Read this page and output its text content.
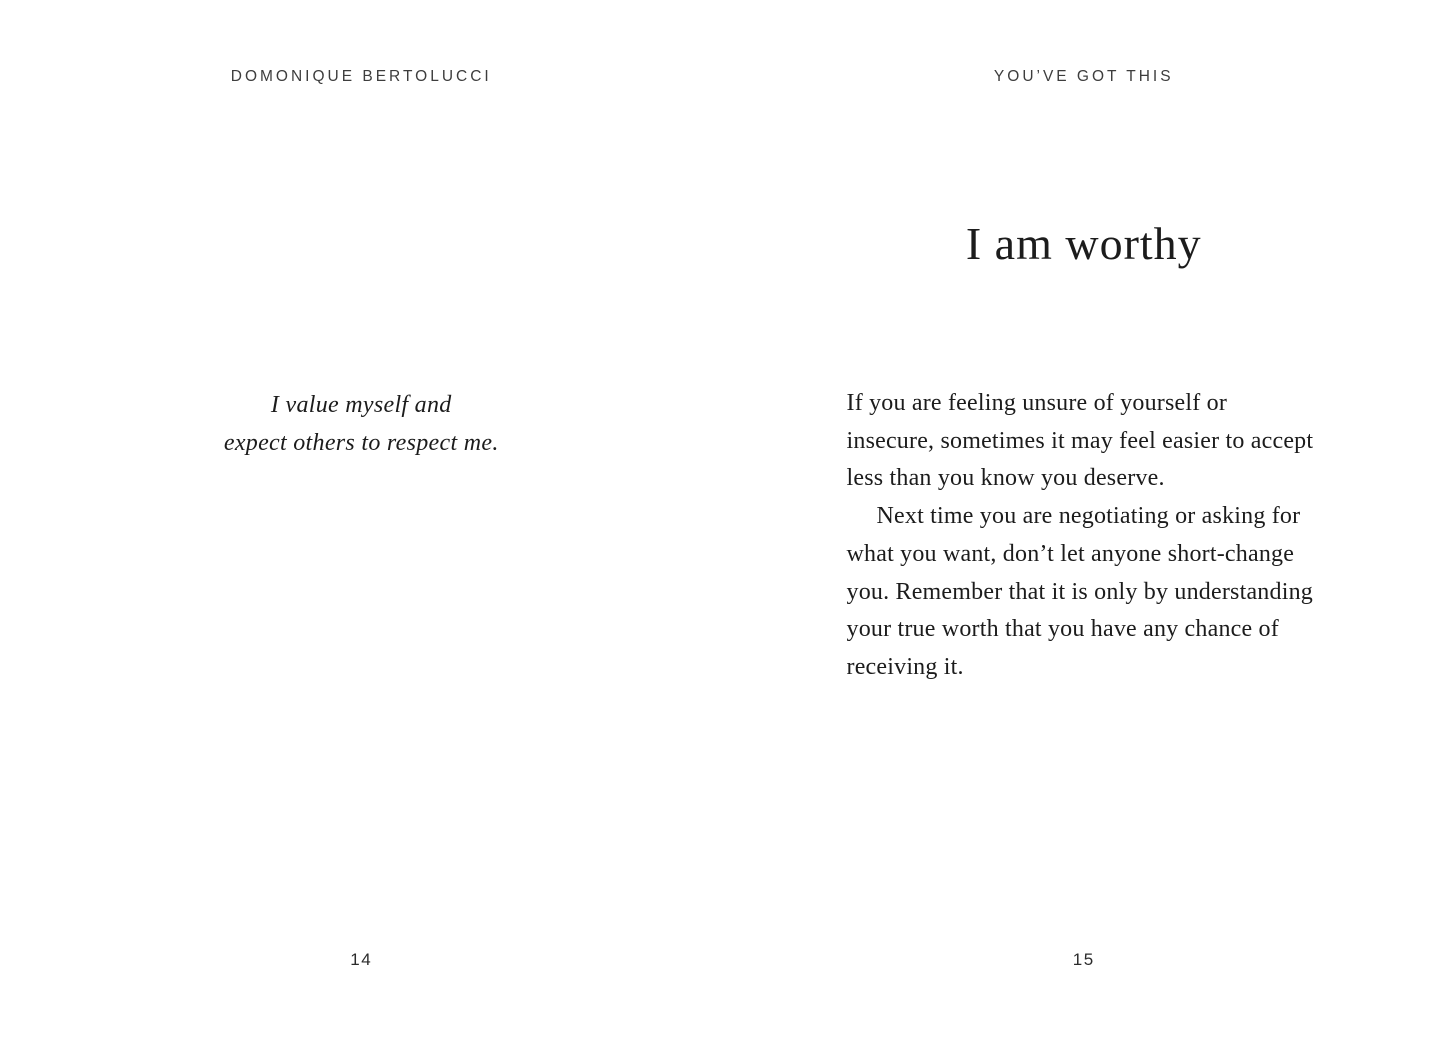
DOMONIQUE BERTOLUCCI
I value myself and
expect others to respect me.
14
YOU’VE GOT THIS
I am worthy

If you are feeling unsure of yourself or insecure, sometimes it may feel easier to accept less than you know you deserve.

Next time you are negotiating or asking for what you want, don’t let anyone short-change you. Remember that it is only by understanding your true worth that you have any chance of receiving it.

15
